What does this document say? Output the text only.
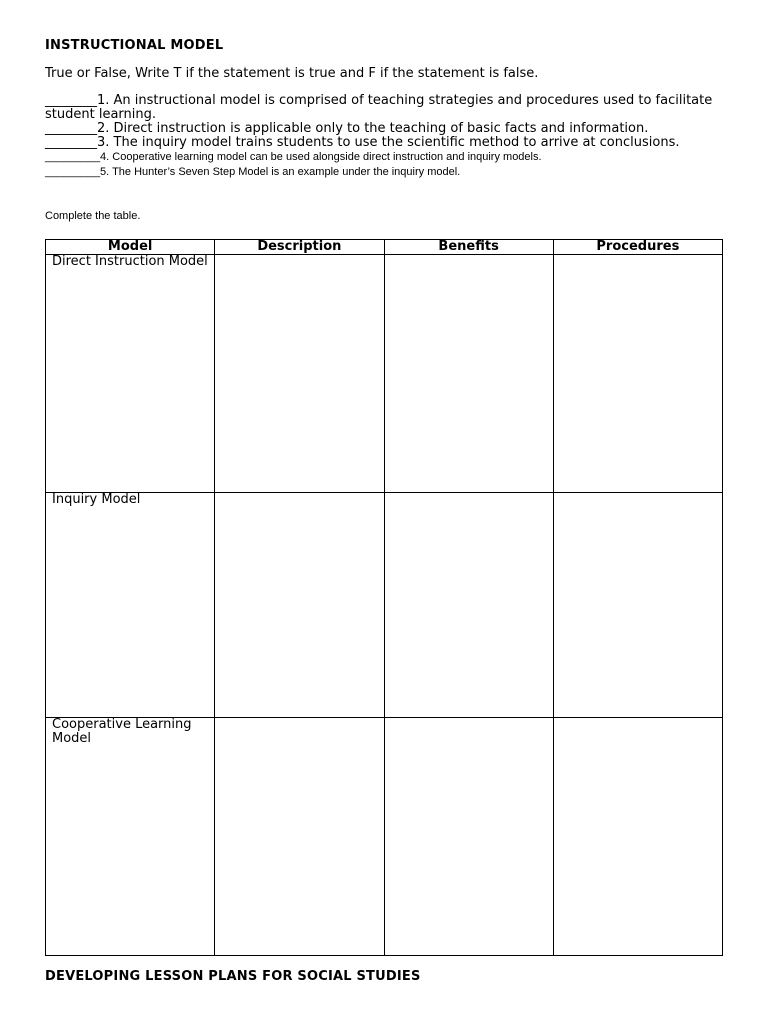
INSTRUCTIONAL MODEL
True or False, Write T if the statement is true and F if the statement is false.
________1. An instructional model is comprised of teaching strategies and procedures used to facilitate student learning.
________2. Direct instruction is applicable only to the teaching of basic facts and information.
________3. The inquiry model trains students to use the scientific method to arrive at conclusions.
_________4. Cooperative learning model can be used alongside direct instruction and inquiry models.
_________5. The Hunter’s Seven Step Model is an example under the inquiry model.
Complete the table.
Model	Description	Benefits	Procedures
Direct Instruction Model			
Inquiry Model			
Cooperative Learning Model			
DEVELOPING LESSON PLANS FOR SOCIAL STUDIES
